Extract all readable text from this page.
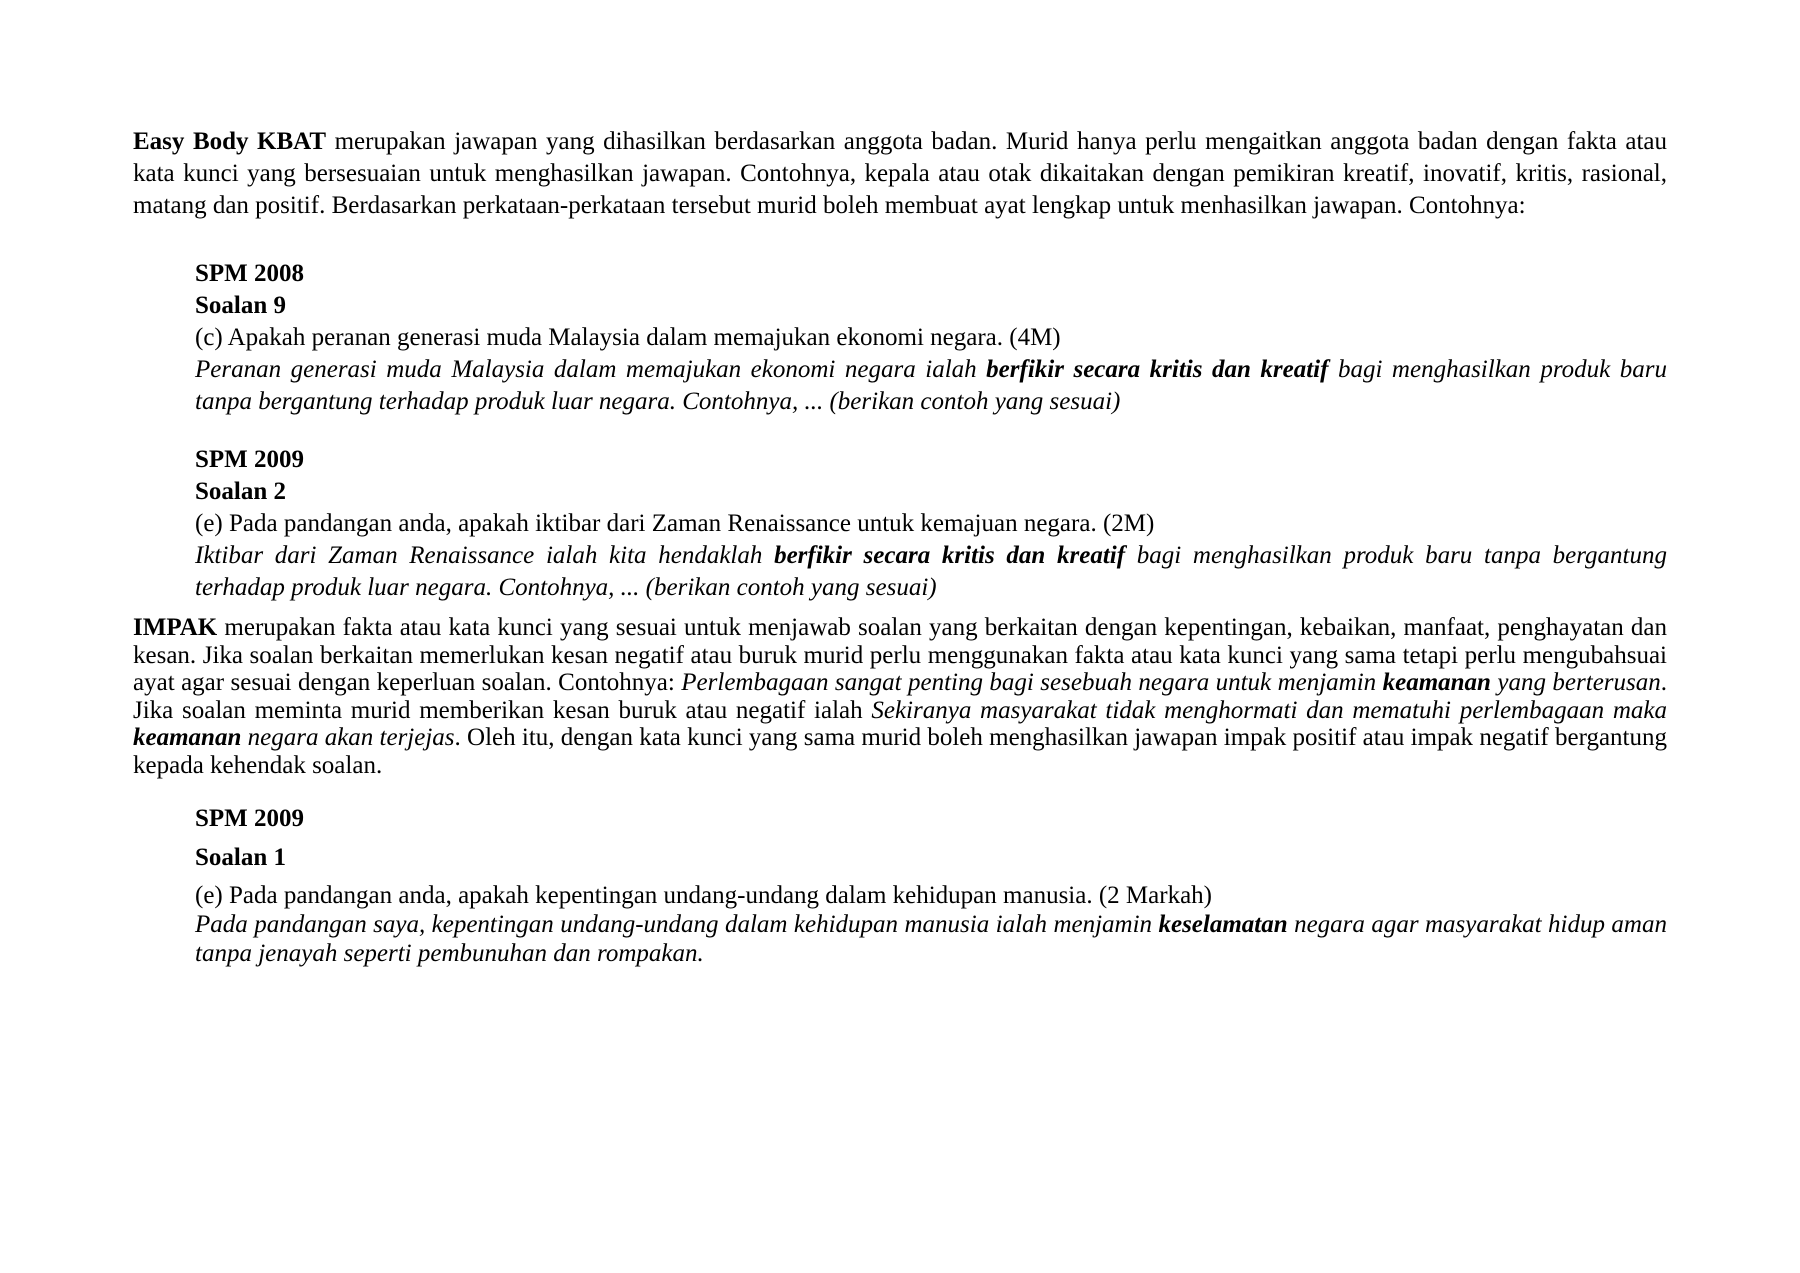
Easy Body KBAT merupakan jawapan yang dihasilkan berdasarkan anggota badan. Murid hanya perlu mengaitkan anggota badan dengan fakta atau kata kunci yang bersesuaian untuk menghasilkan jawapan. Contohnya, kepala atau otak dikaitakan dengan pemikiran kreatif, inovatif, kritis, rasional, matang dan positif. Berdasarkan perkataan-perkataan tersebut murid boleh membuat ayat lengkap untuk menhasilkan jawapan. Contohnya:

SPM 2008

Soalan 9

(c) Apakah peranan generasi muda Malaysia dalam memajukan ekonomi negara. (4M)

Peranan generasi muda Malaysia dalam memajukan ekonomi negara ialah berfikir secara kritis dan kreatif bagi menghasilkan produk baru tanpa bergantung terhadap produk luar negara. Contohnya, ... (berikan contoh yang sesuai)

SPM 2009

Soalan 2

(e) Pada pandangan anda, apakah iktibar dari Zaman Renaissance untuk kemajuan negara. (2M)

Iktibar dari Zaman Renaissance ialah kita hendaklah berfikir secara kritis dan kreatif bagi menghasilkan produk baru tanpa bergantung terhadap produk luar negara. Contohnya, ... (berikan contoh yang sesuai)

IMPAK merupakan fakta atau kata kunci yang sesuai untuk menjawab soalan yang berkaitan dengan kepentingan, kebaikan, manfaat, penghayatan dan kesan. Jika soalan berkaitan memerlukan kesan negatif atau buruk murid perlu menggunakan fakta atau kata kunci yang sama tetapi perlu mengubahsuai ayat agar sesuai dengan keperluan soalan. Contohnya: Perlembagaan sangat penting bagi sesebuah negara untuk menjamin keamanan yang berterusan. Jika soalan meminta murid memberikan kesan buruk atau negatif ialah Sekiranya masyarakat tidak menghormati dan mematuhi perlembagaan maka keamanan negara akan terjejas. Oleh itu, dengan kata kunci yang sama murid boleh menghasilkan jawapan impak positif atau impak negatif bergantung kepada kehendak soalan.

SPM 2009

Soalan 1

(e) Pada pandangan anda, apakah kepentingan undang-undang dalam kehidupan manusia. (2 Markah)

Pada pandangan saya, kepentingan undang-undang dalam kehidupan manusia ialah menjamin keselamatan negara agar masyarakat hidup aman tanpa jenayah seperti pembunuhan dan rompakan.
